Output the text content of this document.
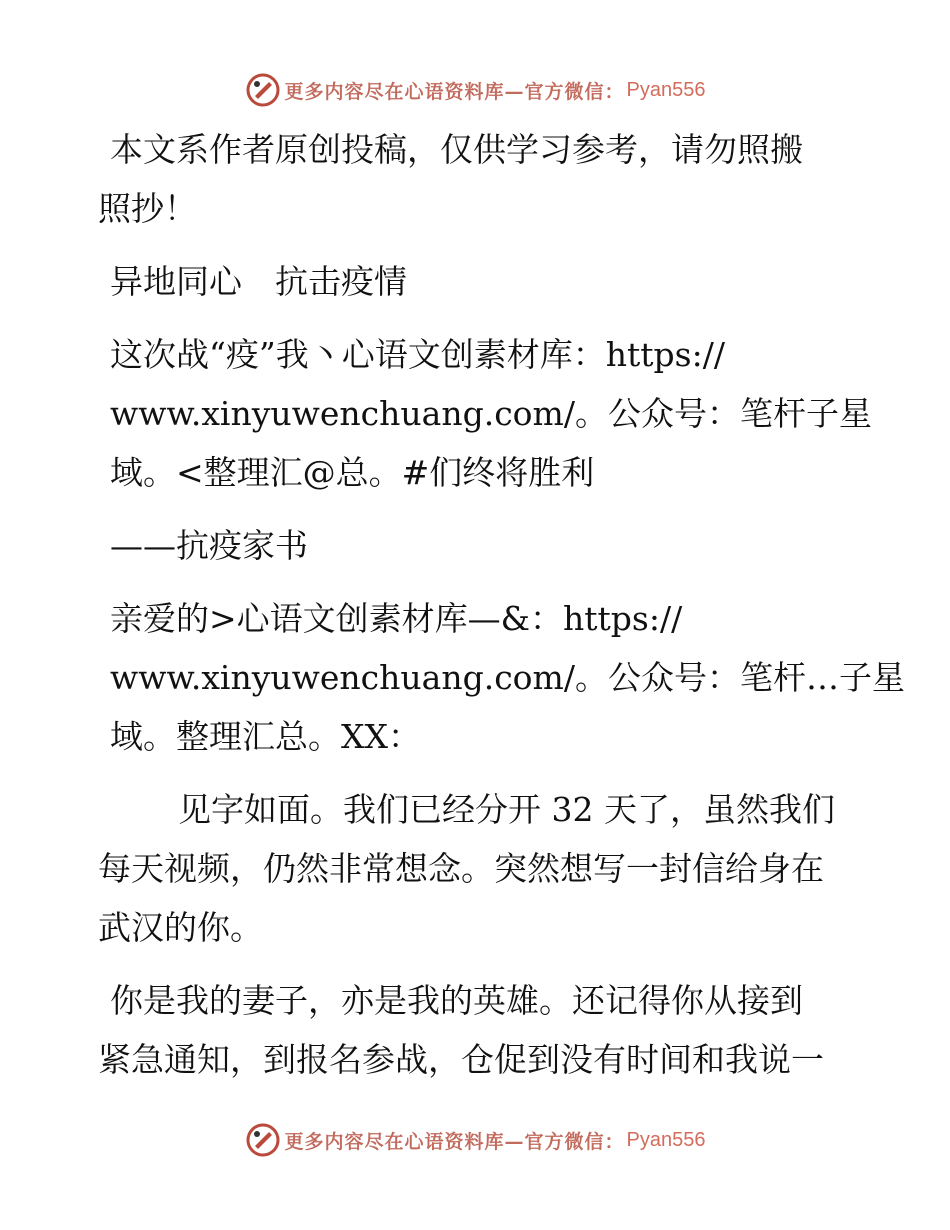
更多内容尽在心语资料库—官方微信： Pyan556

本文系作者原创投稿，仅供学习参考，请勿照搬
照抄！

异地同心　抗击疫情

这次战“疫”我丶心语文创素材库：https://
www.xinyuwenchuang.com/。公众号：笔杆子星
域。<整理汇@总。#们终将胜利

——抗疫家书

亲爱的>心语文创素材库—&：https://
www.xinyuwenchuang.com/。公众号：笔杆…子星
域。整理汇总。XX：

见字如面。我们已经分开 32 天了，虽然我们
每天视频，仍然非常想念。突然想写一封信给身在
武汉的你。

你是我的妻子，亦是我的英雄。还记得你从接到
紧急通知，到报名参战，仓促到没有时间和我说一

更多内容尽在心语资料库—官方微信： Pyan556
